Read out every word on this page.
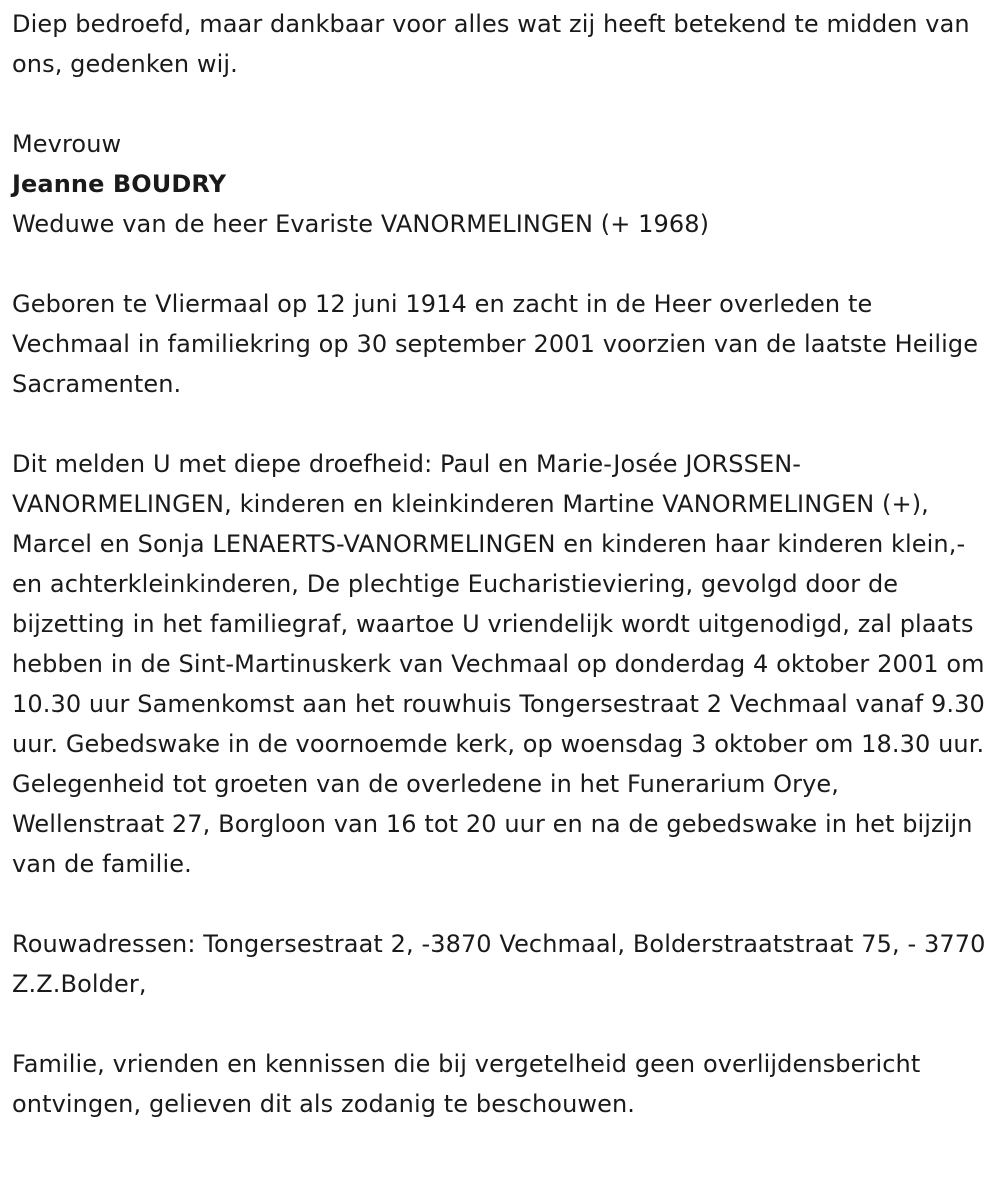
Diep bedroefd, maar dankbaar voor alles wat zij heeft betekend te midden van ons, gedenken wij.

Mevrouw

Jeanne BOUDRY

Weduwe van de heer Evariste VANORMELINGEN (+ 1968)

Geboren te Vliermaal op 12 juni 1914 en zacht in de Heer overleden te Vechmaal in familiekring op 30 september 2001 voorzien van de laatste Heilige Sacramenten.

Dit melden U met diepe droefheid: Paul en Marie-Josée JORSSEN-VANORMELINGEN, kinderen en kleinkinderen Martine VANORMELINGEN (+), Marcel en Sonja LENAERTS-VANORMELINGEN en kinderen haar kinderen klein,- en achterkleinkinderen, De plechtige Eucharistieviering, gevolgd door de bijzetting in het familiegraf, waartoe U vriendelijk wordt uitgenodigd, zal plaats hebben in de Sint-Martinuskerk van Vechmaal op donderdag 4 oktober 2001 om 10.30 uur Samenkomst aan het rouwhuis Tongersestraat 2 Vechmaal vanaf 9.30 uur. Gebedswake in de voornoemde kerk, op woensdag 3 oktober om 18.30 uur. Gelegenheid tot groeten van de overledene in het Funerarium Orye, Wellenstraat 27, Borgloon van 16 tot 20 uur en na de gebedswake in het bijzijn van de familie.

Rouwadressen: Tongersestraat 2, -3870 Vechmaal, Bolderstraatstraat 75, - 3770 Z.Z.Bolder,

Familie, vrienden en kennissen die bij vergetelheid geen overlijdensbericht ontvingen, gelieven dit als zodanig te beschouwen.
